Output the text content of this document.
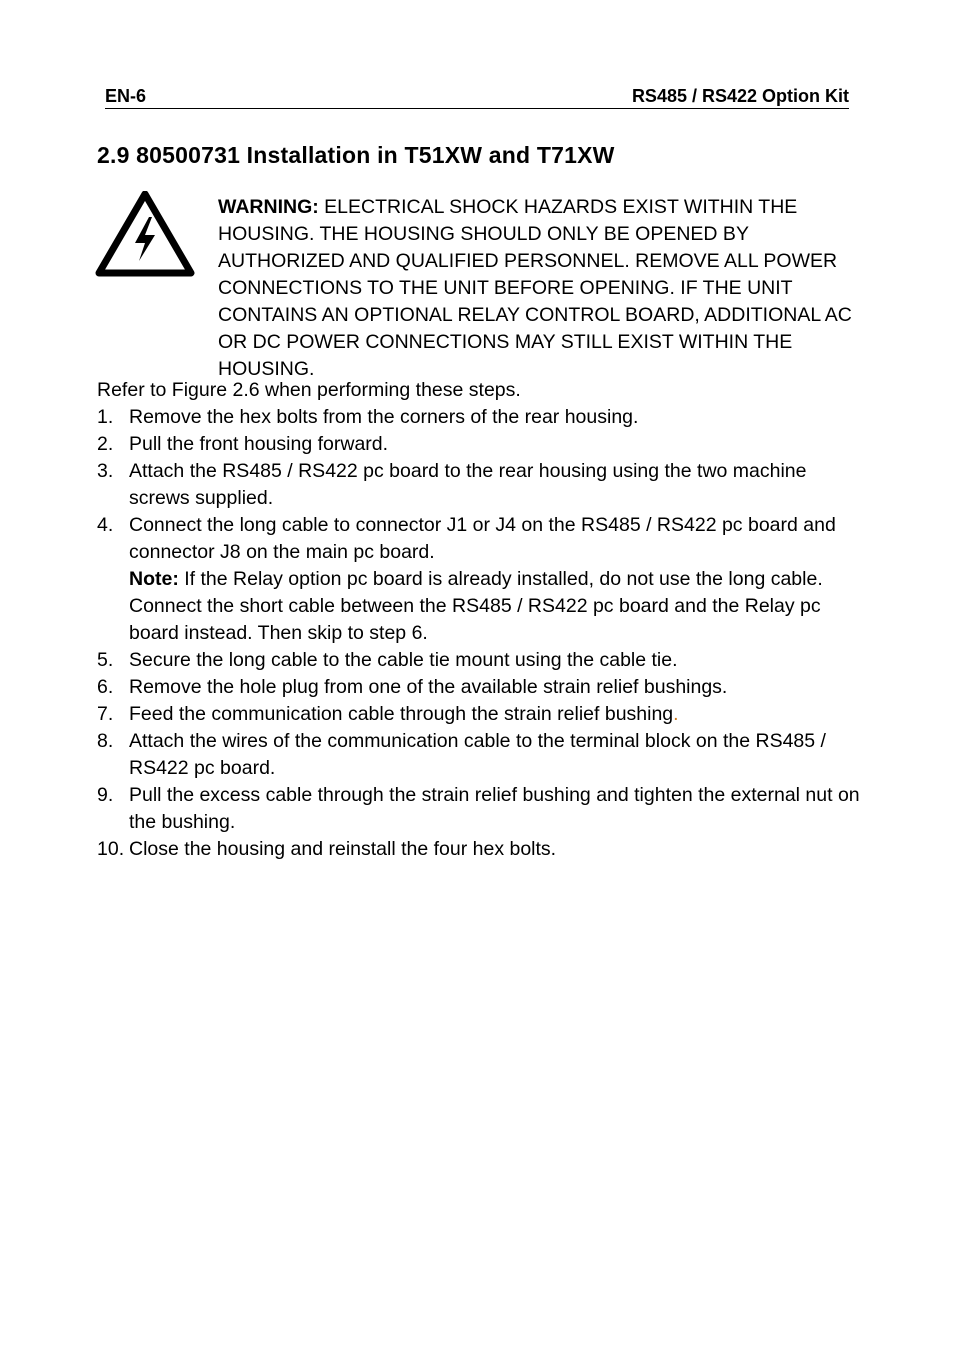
EN-6	RS485 / RS422 Option Kit
2.9 80500731 Installation in T51XW and T71XW
WARNING: ELECTRICAL SHOCK HAZARDS EXIST WITHIN THE HOUSING. THE HOUSING SHOULD ONLY BE OPENED BY AUTHORIZED AND QUALIFIED PERSONNEL. REMOVE ALL POWER CONNECTIONS TO THE UNIT BEFORE OPENING. IF THE UNIT CONTAINS AN OPTIONAL RELAY CONTROL BOARD, ADDITIONAL AC OR DC POWER CONNECTIONS MAY STILL EXIST WITHIN THE HOUSING.

Refer to Figure 2.6 when performing these steps.

1. Remove the hex bolts from the corners of the rear housing.
2. Pull the front housing forward.
3. Attach the RS485 / RS422 pc board to the rear housing using the two machine screws supplied.
4. Connect the long cable to connector J1 or J4 on the RS485 / RS422 pc board and connector J8 on the main pc board.
Note: If the Relay option pc board is already installed, do not use the long cable. Connect the short cable between the RS485 / RS422 pc board and the Relay pc board instead. Then skip to step 6.
5. Secure the long cable to the cable tie mount using the cable tie.
6. Remove the hole plug from one of the available strain relief bushings.
7. Feed the communication cable through the strain relief bushing.
8. Attach the wires of the communication cable to the terminal block on the RS485 / RS422 pc board.
9. Pull the excess cable through the strain relief bushing and tighten the external nut on the bushing.
10. Close the housing and reinstall the four hex bolts.
